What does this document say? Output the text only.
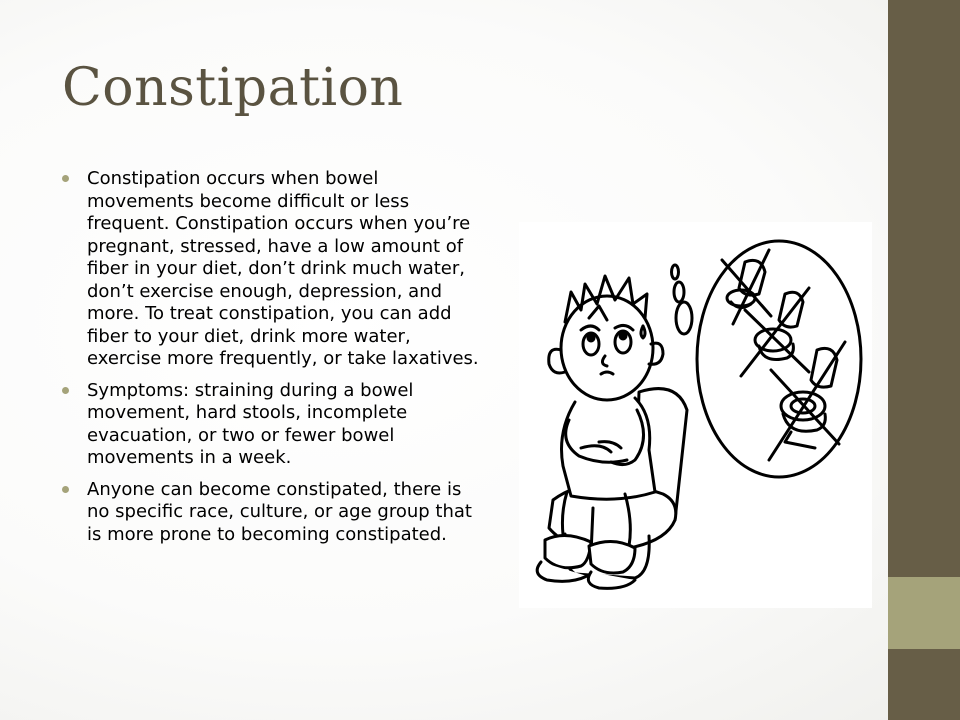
Constipation
Constipation occurs when bowel movements become difficult or less frequent. Constipation occurs when you’re pregnant, stressed, have a low amount of fiber in your diet, don’t drink much water, don’t exercise enough, depression, and more. To treat constipation, you can add fiber to your diet, drink more water, exercise more frequently, or take laxatives.
Symptoms: straining during a bowel movement, hard stools, incomplete evacuation, or two or fewer bowel movements in a week.
Anyone can become constipated, there is no specific race, culture, or age group that is more prone to becoming constipated.
